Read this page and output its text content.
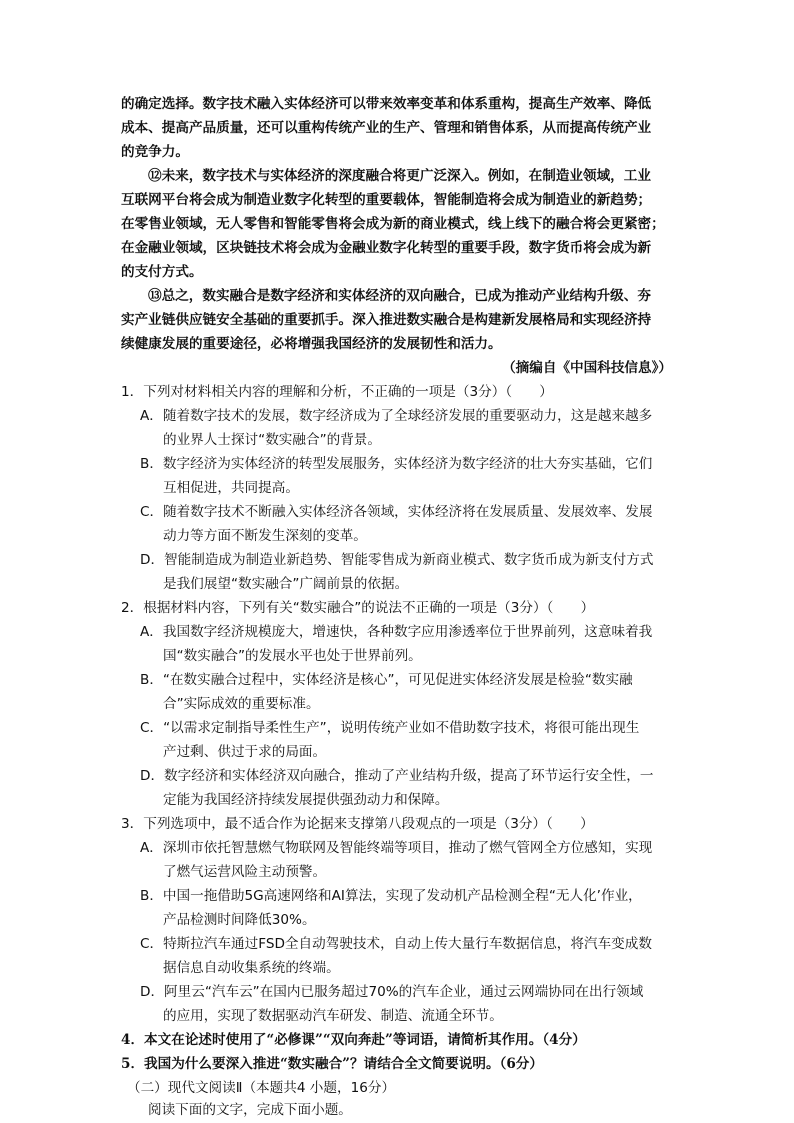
的确定选择。数字技术融入实体经济可以带来效率变革和体系重构，提高生产效率、降低
成本、提高产品质量，还可以重构传统产业的生产、管理和销售体系，从而提高传统产业
的竞争力。
⑫未来，数字技术与实体经济的深度融合将更广泛深入。例如，在制造业领域，工业
互联网平台将会成为制造业数字化转型的重要载体，智能制造将会成为制造业的新趋势；
在零售业领域，无人零售和智能零售将会成为新的商业模式，线上线下的融合将会更紧密；
在金融业领域，区块链技术将会成为金融业数字化转型的重要手段，数字货币将会成为新
的支付方式。
⑬总之，数实融合是数字经济和实体经济的双向融合，已成为推动产业结构升级、夯
实产业链供应链安全基础的重要抓手。深入推进数实融合是构建新发展格局和实现经济持
续健康发展的重要途径，必将增强我国经济的发展韧性和活力。
（摘编自《中国科技信息》）
1．下列对材料相关内容的理解和分析，不正确的一项是（3分）（　　）
A．随着数字技术的发展，数字经济成为了全球经济发展的重要驱动力，这是越来越多
的业界人士探讨“数实融合”的背景。
B．数字经济为实体经济的转型发展服务，实体经济为数字经济的壮大夯实基础，它们
互相促进，共同提高。
C．随着数字技术不断融入实体经济各领域，实体经济将在发展质量、发展效率、发展
动力等方面不断发生深刻的变革。
D．智能制造成为制造业新趋势、智能零售成为新商业模式、数字货币成为新支付方式
是我们展望“数实融合”广阔前景的依据。
2．根据材料内容，下列有关“数实融合”的说法不正确的一项是（3分）（　　）
A．我国数字经济规模庞大，增速快，各种数字应用渗透率位于世界前列，这意味着我
国“数实融合”的发展水平也处于世界前列。
B．“在数实融合过程中，实体经济是核心”，可见促进实体经济发展是检验“数实融
合”实际成效的重要标准。
C．“以需求定制指导柔性生产”，说明传统产业如不借助数字技术，将很可能出现生
产过剩、供过于求的局面。
D．数字经济和实体经济双向融合，推动了产业结构升级，提高了环节运行安全性，一
定能为我国经济持续发展提供强劲动力和保障。
3．下列选项中，最不适合作为论据来支撑第八段观点的一项是（3分）（　　）
A．深圳市依托智慧燃气物联网及智能终端等项目，推动了燃气管网全方位感知，实现
了燃气运营风险主动预警。
B．中国一拖借助5G高速网络和AI算法，实现了发动机产品检测全程“无人化’作业，
产品检测时间降低30%。
C．特斯拉汽车通过FSD全自动驾驶技术，自动上传大量行车数据信息，将汽车变成数
据信息自动收集系统的终端。
D．阿里云“汽车云”在国内已服务超过70%的汽车企业，通过云网端协同在出行领域
的应用，实现了数据驱动汽车研发、制造、流通全环节。
4．本文在论述时使用了“必修课”“双向奔赴”等词语，请简析其作用。（4分）
5．我国为什么要深入推进“数实融合”？请结合全文简要说明。（6分）
（二）现代文阅读Ⅱ（本题共4 小题，16分）
阅读下面的文字，完成下面小题。
